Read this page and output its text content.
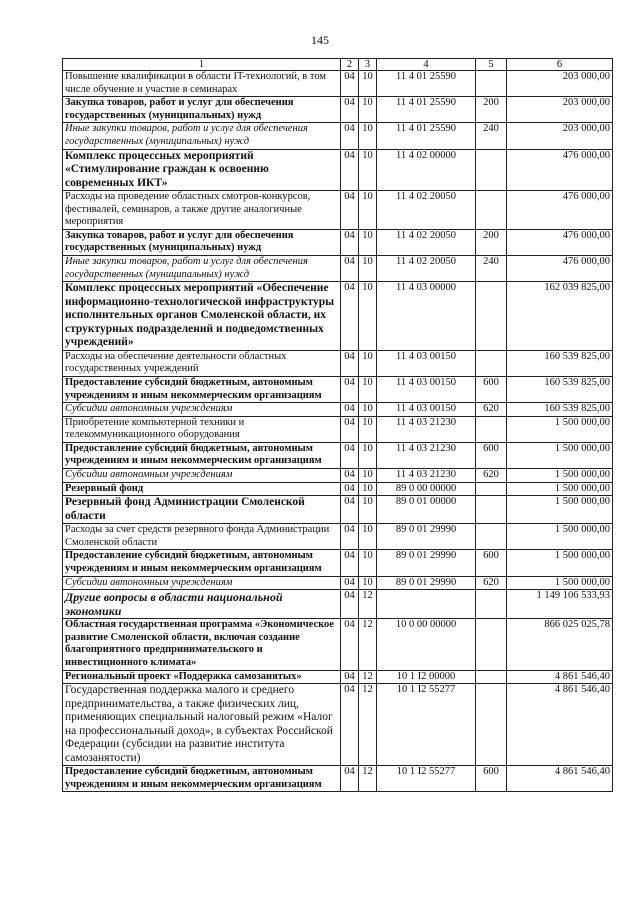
145
1	2	3	4	5	6
Повышение квалификации в области IT-технологий, в том числе обучение и участие в семинарах	04	10	11 4 01 25590		203 000,00
Закупка товаров, работ и услуг для обеспечения государственных (муниципальных) нужд	04	10	11 4 01 25590	200	203 000,00
Иные закупки товаров, работ и услуг для обеспечения государственных (муниципальных) нужд	04	10	11 4 01 25590	240	203 000,00
Комплекс процессных мероприятий «Стимулирование граждан к освоению современных ИКТ»	04	10	11 4 02 00000		476 000,00
Расходы на проведение областных смотров-конкурсов, фестивалей, семинаров, а также другие аналогичные мероприятия	04	10	11 4 02 20050		476 000,00
Закупка товаров, работ и услуг для обеспечения государственных (муниципальных) нужд	04	10	11 4 02 20050	200	476 000,00
Иные закупки товаров, работ и услуг для обеспечения государственных (муниципальных) нужд	04	10	11 4 02 20050	240	476 000,00
Комплекс процессных мероприятий «Обеспечение информационно-технологической инфраструктуры исполнительных органов Смоленской области, их структурных подразделений и подведомственных учреждений»	04	10	11 4 03 00000		162 039 825,00
Расходы на обеспечение деятельности областных государственных учреждений	04	10	11 4 03 00150		160 539 825,00
Предоставление субсидий бюджетным, автономным учреждениям и иным некоммерческим организациям	04	10	11 4 03 00150	600	160 539 825,00
Субсидии автономным учреждениям	04	10	11 4 03 00150	620	160 539 825,00
Приобретение компьютерной техники и телекоммуникационного оборудования	04	10	11 4 03 21230		1 500 000,00
Предоставление субсидий бюджетным, автономным учреждениям и иным некоммерческим организациям	04	10	11 4 03 21230	600	1 500 000,00
Субсидии автономным учреждениям	04	10	11 4 03 21230	620	1 500 000,00
Резервный фонд	04	10	89 0 00 00000		1 500 000,00
Резервный фонд Администрации Смоленской области	04	10	89 0 01 00000		1 500 000,00
Расходы за счет средств резервного фонда Администрации Смоленской области	04	10	89 0 01 29990		1 500 000,00
Предоставление субсидий бюджетным, автономным учреждениям и иным некоммерческим организациям	04	10	89 0 01 29990	600	1 500 000,00
Субсидии автономным учреждениям	04	10	89 0 01 29990	620	1 500 000,00
Другие вопросы в области национальной экономики	04	12			1 149 106 533,93
Областная государственная программа «Экономическое развитие Смоленской области, включая создание благоприятного предпринимательского и инвестиционного климата»	04	12	10 0 00 00000		866 025 025,78
Региональный проект «Поддержка самозанятых»	04	12	10 1 I2 00000		4 861 546,40
Государственная поддержка малого и среднего предпринимательства, а также физических лиц, применяющих специальный налоговый режим «Налог на профессиональный доход», в субъектах Российской Федерации (субсидии на развитие института самозанятости)	04	12	10 1 I2 55277		4 861 546,40
Предоставление субсидий бюджетным, автономным учреждениям и иным некоммерческим организациям	04	12	10 1 I2 55277	600	4 861 546,40
